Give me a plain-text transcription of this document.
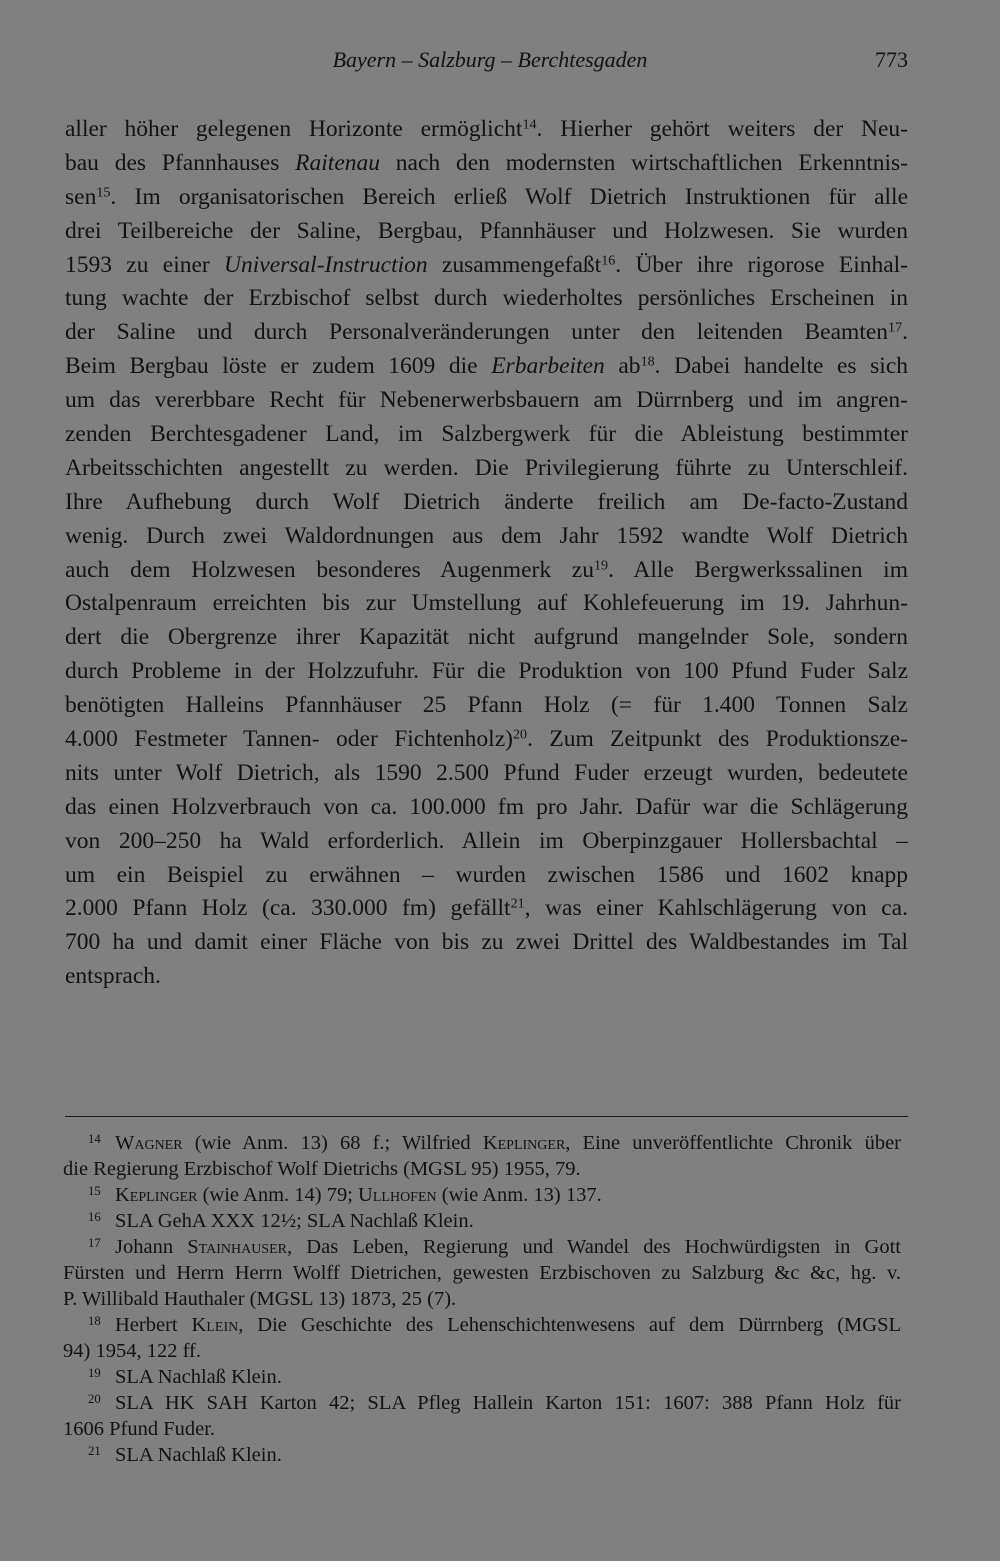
Bayern – Salzburg – Berchtesgaden	773
aller höher gelegenen Horizonte ermöglicht$^{14}$. Hierher gehört weiters der Neu-
bau des Pfannhauses Raitenau nach den modernsten wirtschaftlichen Erkenntnis-
sen$^{15}$. Im organisatorischen Bereich erließ Wolf Dietrich Instruktionen für alle
drei Teilbereiche der Saline, Bergbau, Pfannhäuser und Holzwesen. Sie wurden
1593 zu einer Universal-Instruction zusammengefaßt$^{16}$. Über ihre rigorose Einhal-
tung wachte der Erzbischof selbst durch wiederholtes persönliches Erscheinen in
der Saline und durch Personalveränderungen unter den leitenden Beamten$^{17}$.
Beim Bergbau löste er zudem 1609 die Erbarbeiten ab$^{18}$. Dabei handelte es sich
um das vererbbare Recht für Nebenerwerbsbauern am Dürrnberg und im angren-
zenden Berchtesgadener Land, im Salzbergwerk für die Ableistung bestimmter
Arbeitsschichten angestellt zu werden. Die Privilegierung führte zu Unterschleif.
Ihre Aufhebung durch Wolf Dietrich änderte freilich am De-facto-Zustand
wenig. Durch zwei Waldordnungen aus dem Jahr 1592 wandte Wolf Dietrich
auch dem Holzwesen besonderes Augenmerk zu$^{19}$. Alle Bergwerkssalinen im
Ostalpenraum erreichten bis zur Umstellung auf Kohlefeuerung im 19. Jahrhun-
dert die Obergrenze ihrer Kapazität nicht aufgrund mangelnder Sole, sondern
durch Probleme in der Holzzufuhr. Für die Produktion von 100 Pfund Fuder Salz
benötigten Halleins Pfannhäuser 25 Pfann Holz (= für 1.400 Tonnen Salz
4.000 Festmeter Tannen- oder Fichtenholz)$^{20}$. Zum Zeitpunkt des Produktionsze-
nits unter Wolf Dietrich, als 1590 2.500 Pfund Fuder erzeugt wurden, bedeutete
das einen Holzverbrauch von ca. 100.000 fm pro Jahr. Dafür war die Schlägerung
von 200–250 ha Wald erforderlich. Allein im Oberpinzgauer Hollersbachtal –
um ein Beispiel zu erwähnen – wurden zwischen 1586 und 1602 knapp
2.000 Pfann Holz (ca. 330.000 fm) gefällt$^{21}$, was einer Kahlschlägerung von ca.
700 ha und damit einer Fläche von bis zu zwei Drittel des Waldbestandes im Tal
entsprach.
$^{14}$ Wagner (wie Anm. 13) 68 f.; Wilfried Keplinger, Eine unveröffentlichte Chronik über
die Regierung Erzbischof Wolf Dietrichs (MGSL 95) 1955, 79.
$^{15}$ Keplinger (wie Anm. 14) 79; Ullhofen (wie Anm. 13) 137.
$^{16}$ SLA GehA XXX 12½; SLA Nachlaß Klein.
$^{17}$ Johann Stainhauser, Das Leben, Regierung und Wandel des Hochwürdigsten in Gott
Fürsten und Herrn Herrn Wolff Dietrichen, gewesten Erzbischoven zu Salzburg &c &c, hg. v.
P. Willibald Hauthaler (MGSL 13) 1873, 25 (7).
$^{18}$ Herbert Klein, Die Geschichte des Lehenschichtenwesens auf dem Dürrnberg (MGSL
94) 1954, 122 ff.
$^{19}$ SLA Nachlaß Klein.
$^{20}$ SLA HK SAH Karton 42; SLA Pfleg Hallein Karton 151: 1607: 388 Pfann Holz für
1606 Pfund Fuder.
$^{21}$ SLA Nachlaß Klein.
